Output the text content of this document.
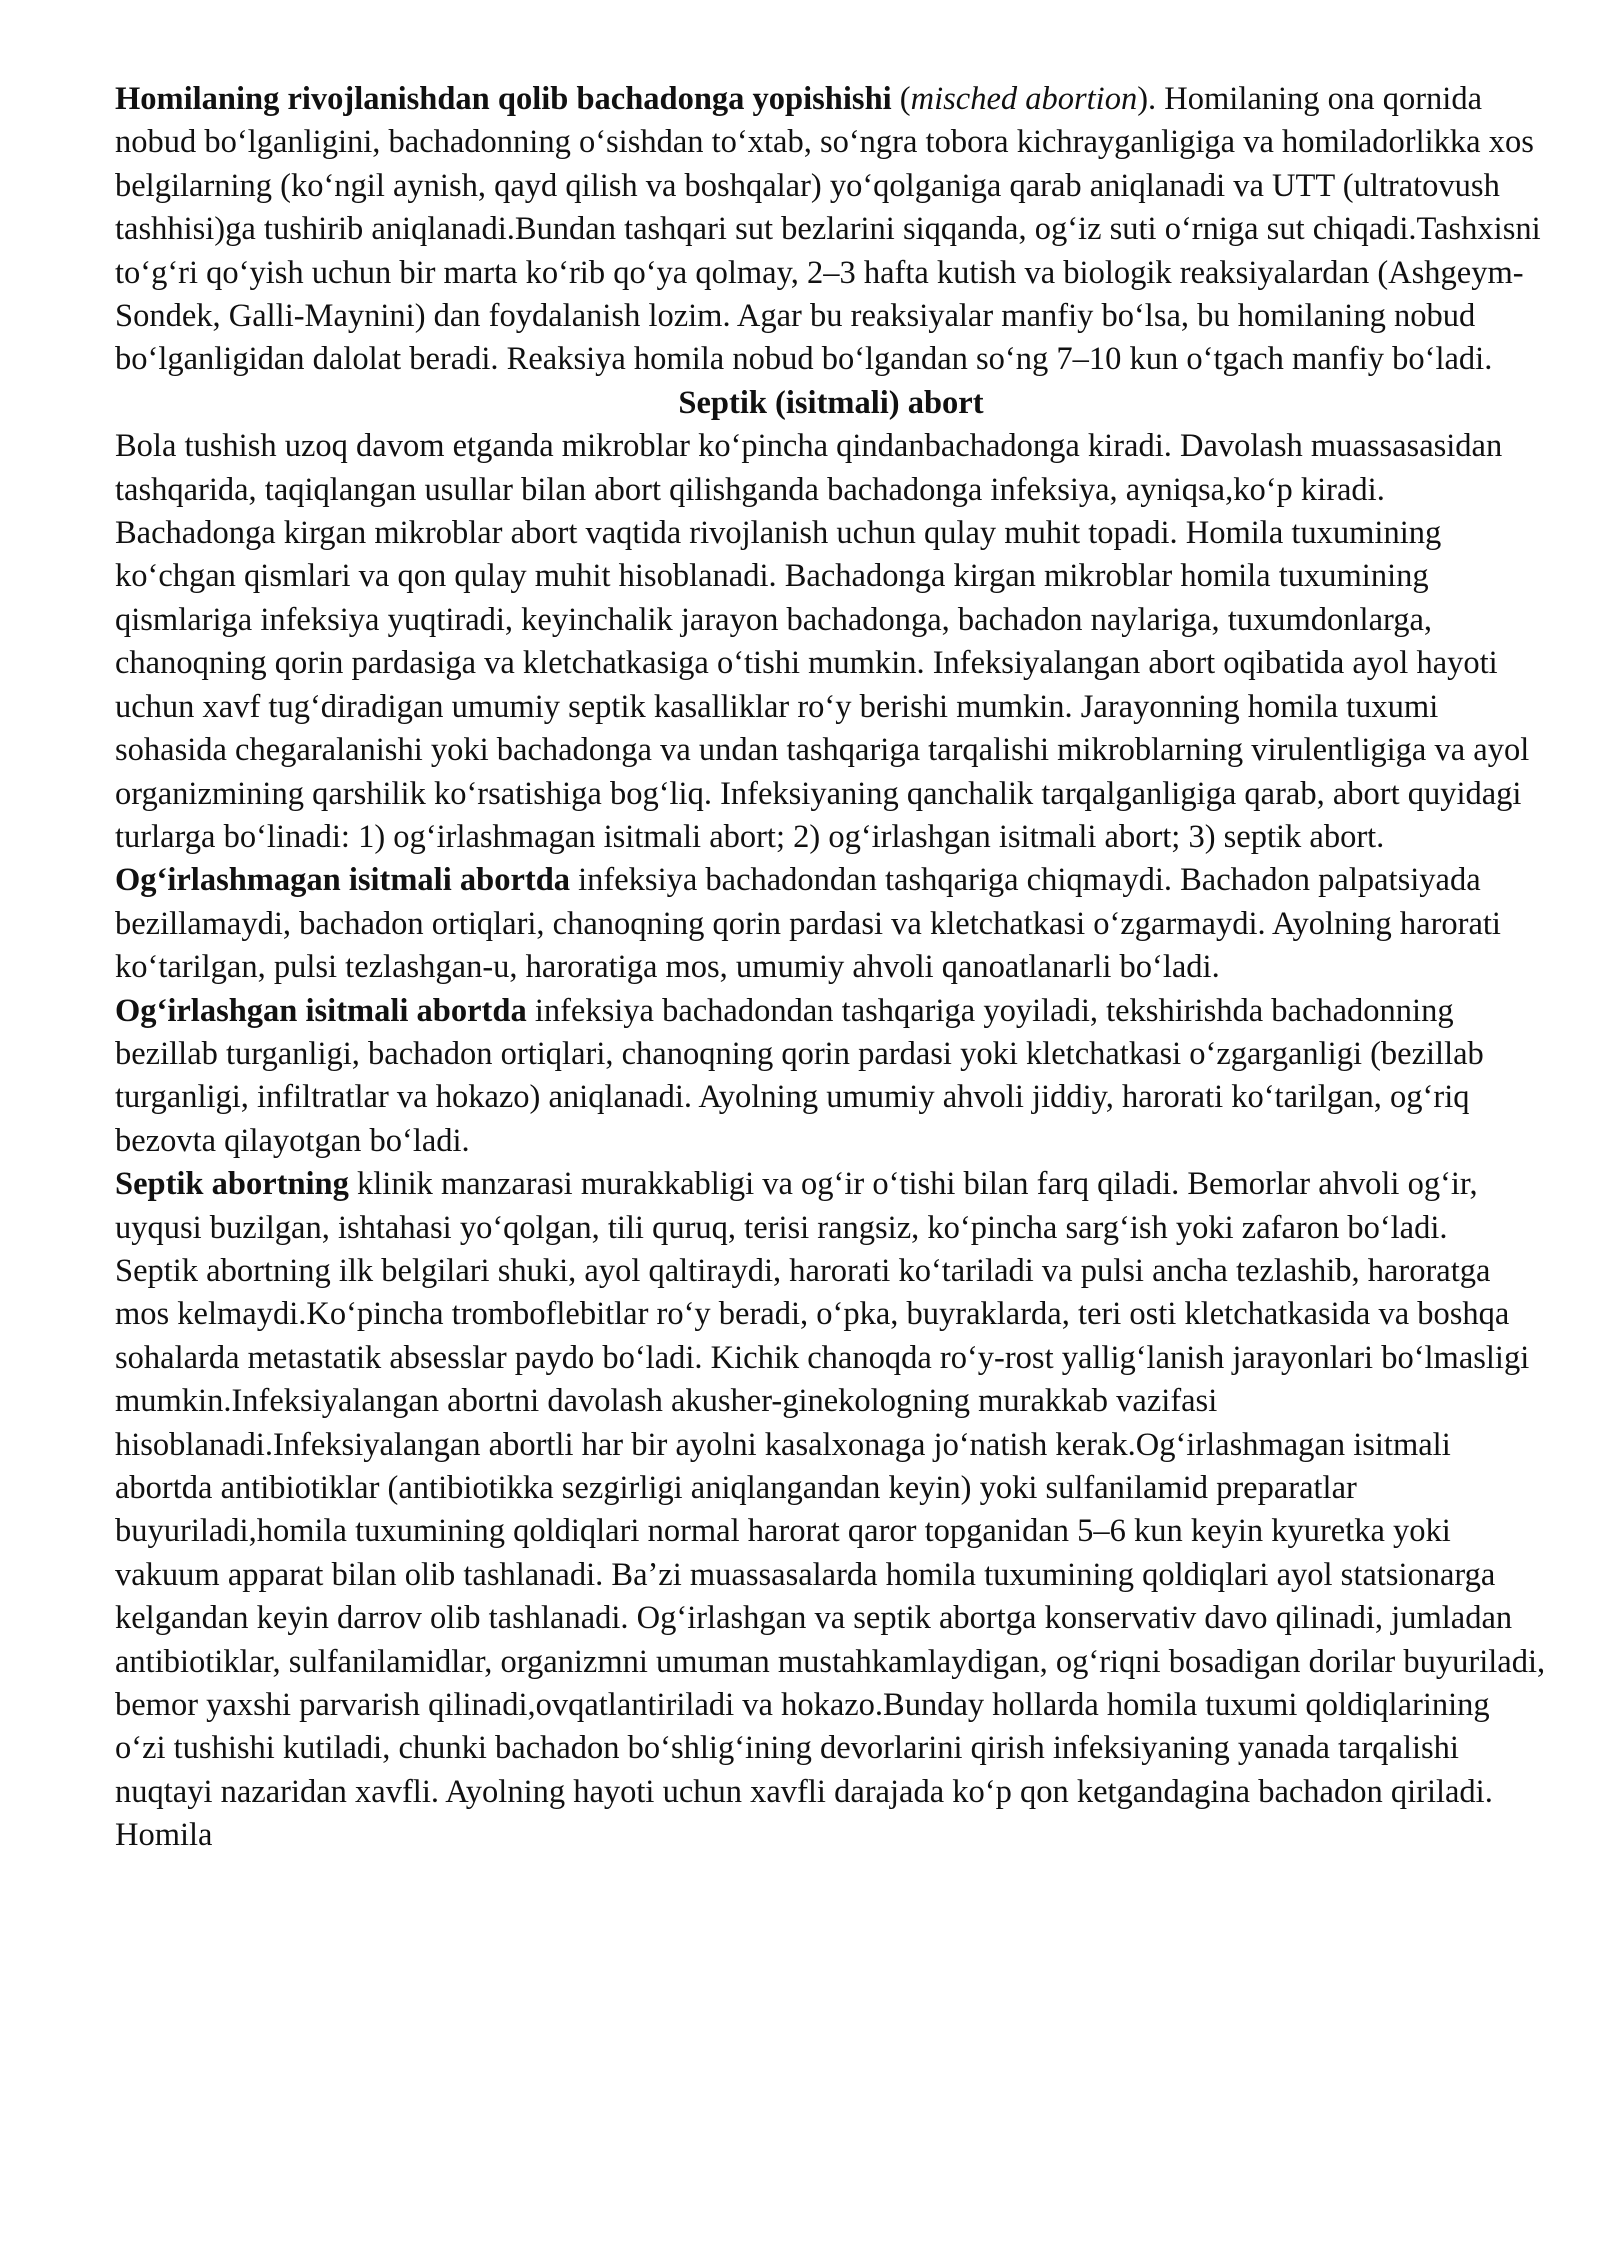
Homilaning rivojlanishdan qolib bachadonga yopishishi (misched abortion). Homilaning ona qornida nobud boʻlganligini, bachadonning oʻsishdan toʻxtab, soʻngra tobora kichrayganligiga va homiladorlikka xos belgilarning (koʻngil aynish, qayd qilish va boshqalar) yoʻqolganiga qarab aniqlanadi va UTT (ultratovush tashhisi)ga tushirib aniqlanadi.Bundan tashqari sut bezlarini siqqanda, ogʻiz suti oʻrniga sut chiqadi.Tashxisni toʻgʻri qoʻyish uchun bir marta koʻrib qoʻya qolmay, 2–3 hafta kutish va biologik reaksiyalardan (Ashgeym-Sondek, Galli-Maynini) dan foydalanish lozim. Agar bu reaksiyalar manfiy boʻlsa, bu homilaning nobud boʻlganligidan dalolat beradi. Reaksiya homila nobud boʻlgandan soʻng 7–10 kun oʻtgach manfiy boʻladi.

Septik (isitmali) abort

Bola tushish uzoq davom etganda mikroblar koʻpincha qindanbachadonga kiradi. Davolash muassasasidan tashqarida, taqiqlangan usullar bilan abort qilishganda bachadonga infeksiya, ayniqsa,koʻp kiradi. Bachadonga kirgan mikroblar abort vaqtida rivojlanish uchun qulay muhit topadi. Homila tuxumining koʻchgan qismlari va qon qulay muhit hisoblanadi. Bachadonga kirgan mikroblar homila tuxumining qismlariga infeksiya yuqtiradi, keyinchalik jarayon bachadonga, bachadon naylariga, tuxumdonlarga, chanoqning qorin pardasiga va kletchatkasiga oʻtishi mumkin. Infeksiyalangan abort oqibatida ayol hayoti uchun xavf tugʻdiradigan umumiy septik kasalliklar roʻy berishi mumkin. Jarayonning homila tuxumi sohasida chegaralanishi yoki bachadonga va undan tashqariga tarqalishi mikroblarning virulentligiga va ayol organizmining qarshilik koʻrsatishiga bogʻliq. Infeksiyaning qanchalik tarqalganligiga qarab, abort quyidagi turlarga boʻlinadi: 1) ogʻirlashmagan isitmali abort; 2) ogʻirlashgan isitmali abort; 3) septik abort.

Ogʻirlashmagan isitmali abortda infeksiya bachadondan tashqariga chiqmaydi. Bachadon palpatsiyada bezillamaydi, bachadon ortiqlari, chanoqning qorin pardasi va kletchatkasi oʻzgarmaydi. Ayolning harorati koʻtarilgan, pulsi tezlashgan-u, haroratiga mos, umumiy ahvoli qanoatlanarli boʻladi.

Ogʻirlashgan isitmali abortda infeksiya bachadondan tashqariga yoyiladi, tekshirishda bachadonning bezillab turganligi, bachadon ortiqlari, chanoqning qorin pardasi yoki kletchatkasi oʻzgarganligi (bezillab turganligi, infiltratlar va hokazo) aniqlanadi. Ayolning umumiy ahvoli jiddiy, harorati koʻtarilgan, ogʻriq bezovta qilayotgan boʻladi.

Septik abortning klinik manzarasi murakkabligi va ogʻir oʻtishi bilan farq qiladi. Bemorlar ahvoli ogʻir, uyqusi buzilgan, ishtahasi yoʻqolgan, tili quruq, terisi rangsiz, koʻpincha sargʻish yoki zafaron boʻladi.

Septik abortning ilk belgilari shuki, ayol qaltiraydi, harorati koʻtariladi va pulsi ancha tezlashib, haroratga mos kelmaydi.Koʻpincha tromboflebitlar roʻy beradi, oʻpka, buyraklarda, teri osti kletchatkasida va boshqa sohalarda metastatik absesslar paydo boʻladi. Kichik chanoqda roʻy-rost yalligʻlanish jarayonlari boʻlmasligi mumkin.Infeksiyalangan abortni davolash akusher-ginekologning murakkab vazifasi hisoblanadi.Infeksiyalangan abortli har bir ayolni kasalxonaga joʻnatish kerak.Ogʻirlashmagan isitmali abortda antibiotiklar (antibiotikka sezgirligi aniqlangandan keyin) yoki sulfanilamid preparatlar buyuriladi,homila tuxumining qoldiqlari normal harorat qaror topganidan 5–6 kun keyin kyuretka yoki vakuum apparat bilan olib tashlanadi. Baʼzi muassasalarda homila tuxumining qoldiqlari ayol statsionarga kelgandan keyin darrov olib tashlanadi. Ogʻirlashgan va septik abortga konservativ davo qilinadi, jumladan antibiotiklar, sulfanilamidlar, organizmni umuman mustahkamlaydigan, ogʻriqni bosadigan dorilar buyuriladi, bemor yaxshi parvarish qilinadi,ovqatlantiriladi va hokazo.Bunday hollarda homila tuxumi qoldiqlarining oʻzi tushishi kutiladi, chunki bachadon boʻshligʻining devorlarini qirish infeksiyaning yanada tarqalishi nuqtayi nazaridan xavfli. Ayolning hayoti uchun xavfli darajada koʻp qon ketgandagina bachadon qiriladi. Homila
